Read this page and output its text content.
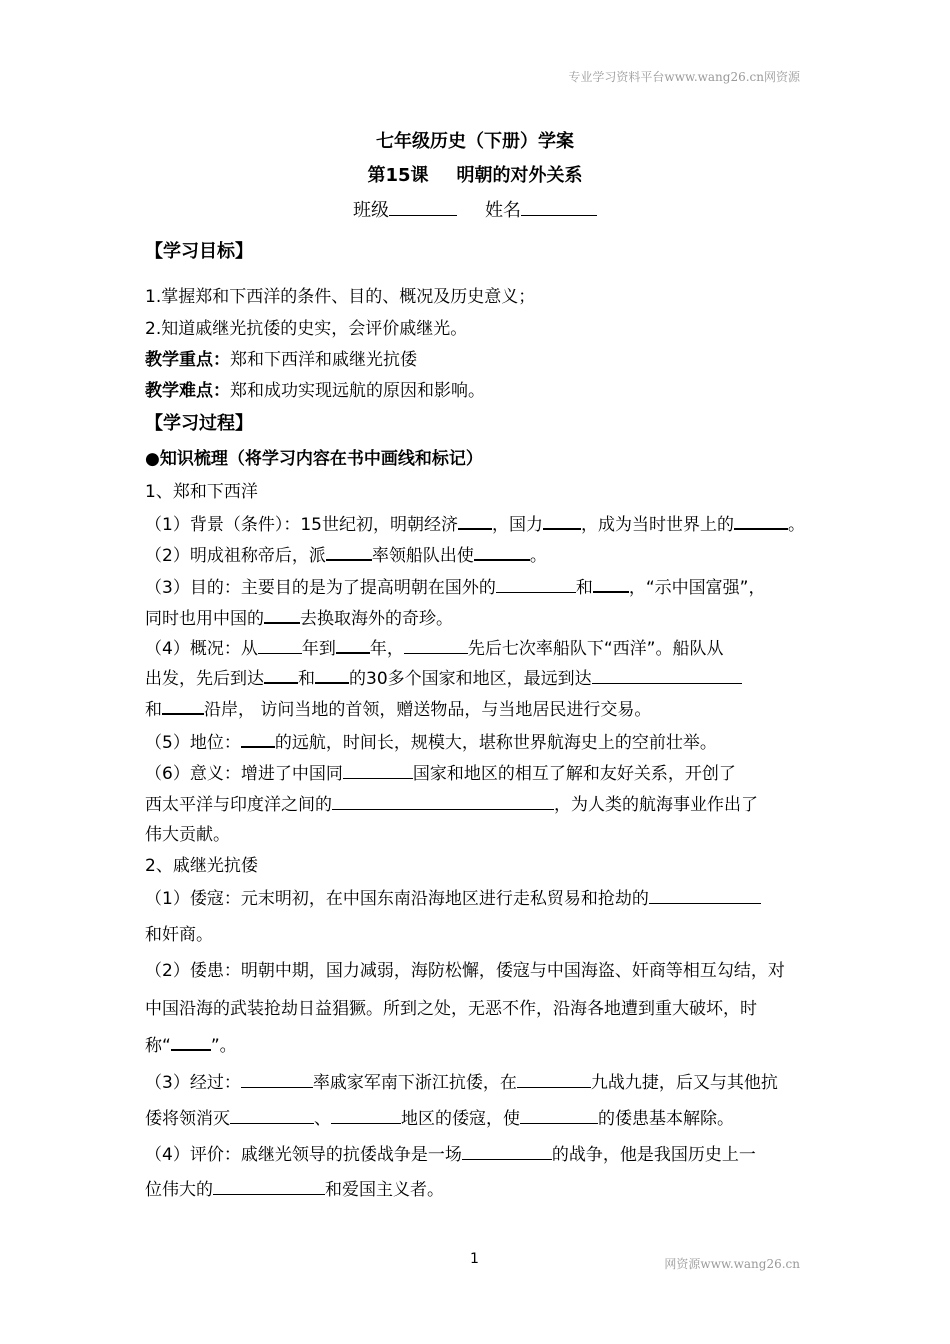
专业学习资料平台www.wang26.cn网资源
七年级历史（下册）学案
第15课 明朝的对外关系
班级	姓名
【学习目标】
1.掌握郑和下西洋的条件、目的、概况及历史意义；
2.知道戚继光抗倭的史实，会评价戚继光。
教学重点：郑和下西洋和戚继光抗倭
教学难点：郑和成功实现远航的原因和影响。
【学习过程】
●知识梳理（将学习内容在书中画线和标记）
1、郑和下西洋
（1）背景（条件）：15世纪初，明朝经济 ，国力 ，成为当时世界上的	。
（2）明成祖称帝后，派	率领船队出使	。
（3）目的：主要目的是为了提高明朝在国外的	和 ，“示中国富强”，
同时也用中国的 去换取海外的奇珍。
（4）概况：从	年到 年，	先后七次率船队下“西洋”。船队从
出发，先后到达 和 的30多个国家和地区，最远到达
和 沿岸， 访问当地的首领，赠送物品，与当地居民进行交易。
（5）地位： 的远航，时间长，规模大，堪称世界航海史上的空前壮举。
（6）意义：增进了中国同	国家和地区的相互了解和友好关系，开创了
西太平洋与印度洋之间的	，为人类的航海事业作出了
伟大贡献。
2、戚继光抗倭
（1）倭寇：元末明初，在中国东南沿海地区进行走私贸易和抢劫的
和奸商。
（2）倭患：明朝中期，国力减弱，海防松懈，倭寇与中国海盗、奸商等相互勾结，对
中国沿海的武装抢劫日益猖獗。所到之处，无恶不作，沿海各地遭到重大破坏，时
称“ ”。
（3）经过：	率戚家军南下浙江抗倭，在	九战九捷，后又与其他抗
倭将领消灭	、	地区的倭寇，使	的倭患基本解除。
（4）评价：戚继光领导的抗倭战争是一场	的战争，他是我国历史上一
位伟大的	和爱国主义者。
1	网资源www.wang26.cn
